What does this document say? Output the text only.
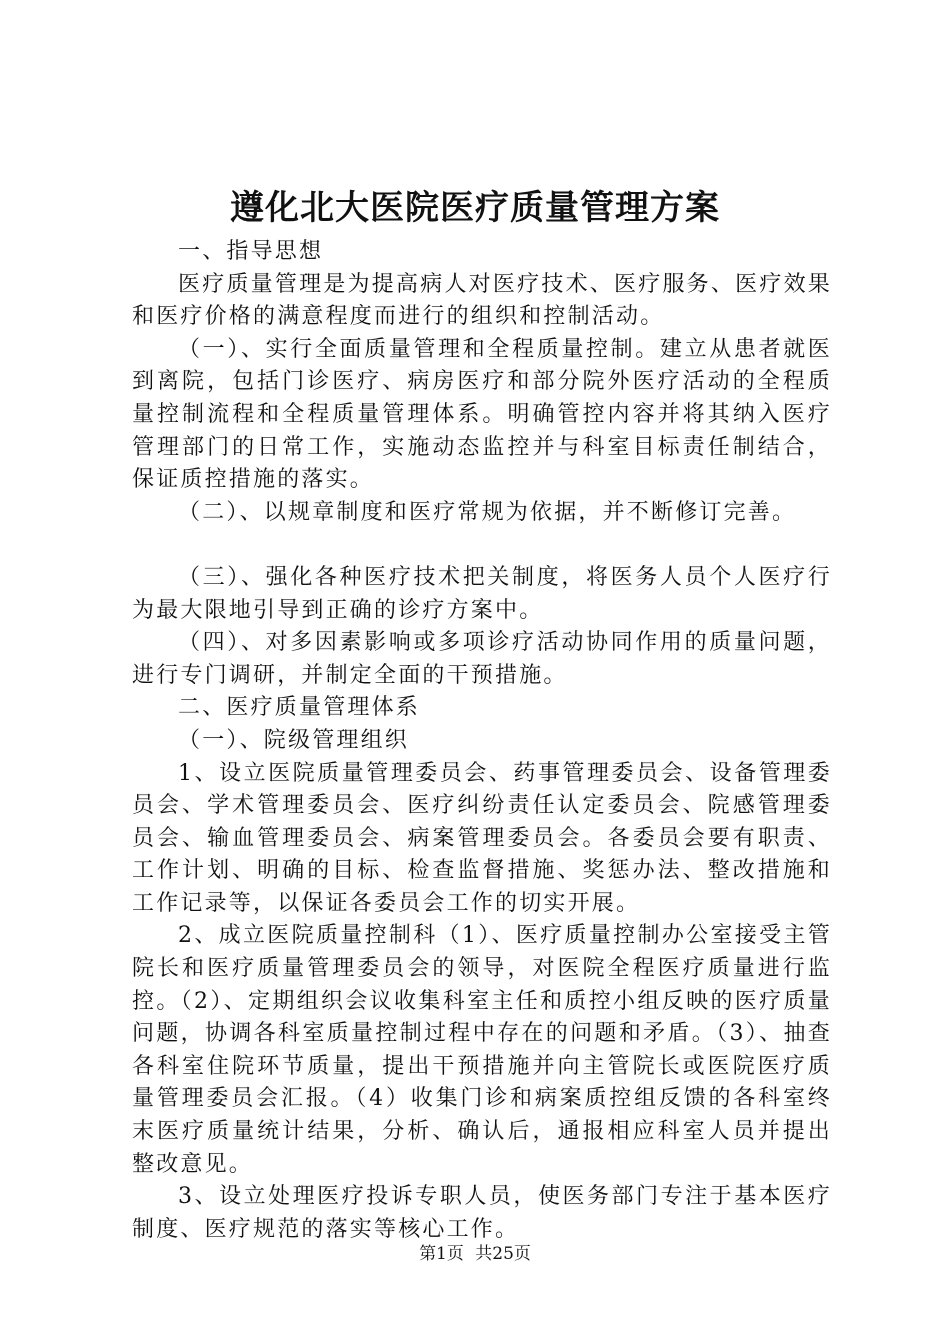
遵化北大医院医疗质量管理方案

一、指导思想

医疗质量管理是为提高病人对医疗技术、医疗服务、医疗效果和医疗价格的满意程度而进行的组织和控制活动。

（一）、实行全面质量管理和全程质量控制。建立从患者就医到离院，包括门诊医疗、病房医疗和部分院外医疗活动的全程质量控制流程和全程质量管理体系。明确管控内容并将其纳入医疗管理部门的日常工作，实施动态监控并与科室目标责任制结合，保证质控措施的落实。

（二）、以规章制度和医疗常规为依据，并不断修订完善。

（三）、强化各种医疗技术把关制度，将医务人员个人医疗行为最大限地引导到正确的诊疗方案中。

（四）、对多因素影响或多项诊疗活动协同作用的质量问题，进行专门调研，并制定全面的干预措施。

二、医疗质量管理体系

（一）、院级管理组织

1、设立医院质量管理委员会、药事管理委员会、设备管理委员会、学术管理委员会、医疗纠纷责任认定委员会、院感管理委员会、输血管理委员会、病案管理委员会。各委员会要有职责、工作计划、明确的目标、检查监督措施、奖惩办法、整改措施和工作记录等，以保证各委员会工作的切实开展。

2、成立医院质量控制科（1）、医疗质量控制办公室接受主管院长和医疗质量管理委员会的领导，对医院全程医疗质量进行监控。（2）、定期组织会议收集科室主任和质控小组反映的医疗质量问题，协调各科室质量控制过程中存在的问题和矛盾。（3）、抽查各科室住院环节质量，提出干预措施并向主管院长或医院医疗质量管理委员会汇报。（4）收集门诊和病案质控组反馈的各科室终末医疗质量统计结果，分析、确认后，通报相应科室人员并提出整改意见。

3、设立处理医疗投诉专职人员，使医务部门专注于基本医疗制度、医疗规范的落实等核心工作。

第1页 共25页
